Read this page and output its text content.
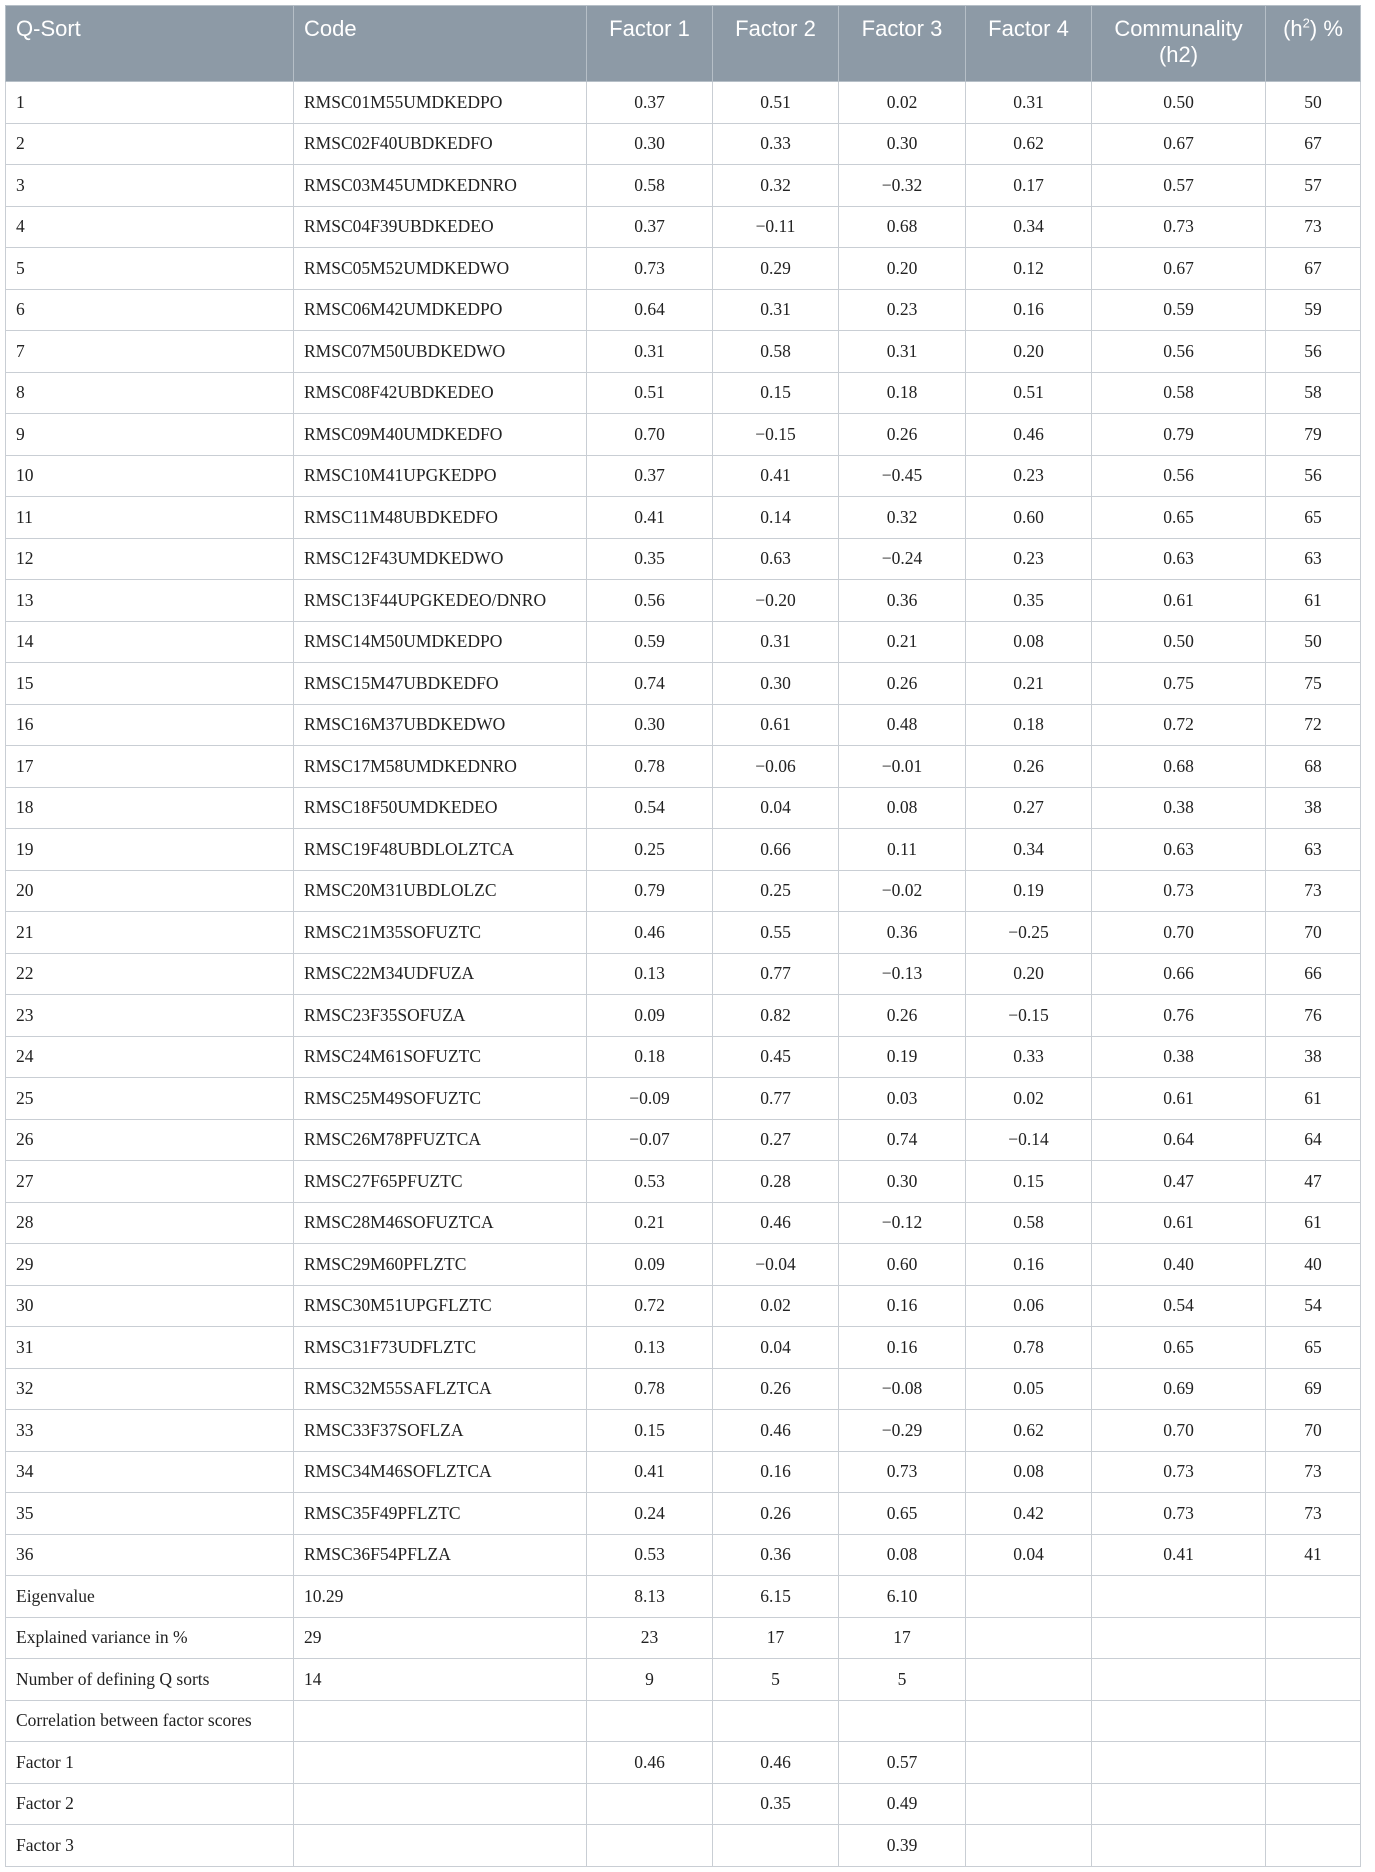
Q-Sort	Code	Factor 1	Factor 2	Factor 3	Factor 4	Communality (h2)	$(h^2)$ %
1	RMSC01M55UMDKEDPO	0.37	0.51	0.02	0.31	0.50	50
2	RMSC02F40UBDKEDFO	0.30	0.33	0.30	0.62	0.67	67
3	RMSC03M45UMDKEDNRO	0.58	0.32	−0.32	0.17	0.57	57
4	RMSC04F39UBDKEDEO	0.37	−0.11	0.68	0.34	0.73	73
5	RMSC05M52UMDKEDWO	0.73	0.29	0.20	0.12	0.67	67
6	RMSC06M42UMDKEDPO	0.64	0.31	0.23	0.16	0.59	59
7	RMSC07M50UBDKEDWO	0.31	0.58	0.31	0.20	0.56	56
8	RMSC08F42UBDKEDEO	0.51	0.15	0.18	0.51	0.58	58
9	RMSC09M40UMDKEDFO	0.70	−0.15	0.26	0.46	0.79	79
10	RMSC10M41UPGKEDPO	0.37	0.41	−0.45	0.23	0.56	56
11	RMSC11M48UBDKEDFO	0.41	0.14	0.32	0.60	0.65	65
12	RMSC12F43UMDKEDWO	0.35	0.63	−0.24	0.23	0.63	63
13	RMSC13F44UPGKEDEO/DNRO	0.56	−0.20	0.36	0.35	0.61	61
14	RMSC14M50UMDKEDPO	0.59	0.31	0.21	0.08	0.50	50
15	RMSC15M47UBDKEDFO	0.74	0.30	0.26	0.21	0.75	75
16	RMSC16M37UBDKEDWO	0.30	0.61	0.48	0.18	0.72	72
17	RMSC17M58UMDKEDNRO	0.78	−0.06	−0.01	0.26	0.68	68
18	RMSC18F50UMDKEDEO	0.54	0.04	0.08	0.27	0.38	38
19	RMSC19F48UBDLOLZTCA	0.25	0.66	0.11	0.34	0.63	63
20	RMSC20M31UBDLOLZC	0.79	0.25	−0.02	0.19	0.73	73
21	RMSC21M35SOFUZTC	0.46	0.55	0.36	−0.25	0.70	70
22	RMSC22M34UDFUZA	0.13	0.77	−0.13	0.20	0.66	66
23	RMSC23F35SOFUZA	0.09	0.82	0.26	−0.15	0.76	76
24	RMSC24M61SOFUZTC	0.18	0.45	0.19	0.33	0.38	38
25	RMSC25M49SOFUZTC	−0.09	0.77	0.03	0.02	0.61	61
26	RMSC26M78PFUZTCA	−0.07	0.27	0.74	−0.14	0.64	64
27	RMSC27F65PFUZTC	0.53	0.28	0.30	0.15	0.47	47
28	RMSC28M46SOFUZTCA	0.21	0.46	−0.12	0.58	0.61	61
29	RMSC29M60PFLZTC	0.09	−0.04	0.60	0.16	0.40	40
30	RMSC30M51UPGFLZTC	0.72	0.02	0.16	0.06	0.54	54
31	RMSC31F73UDFLZTC	0.13	0.04	0.16	0.78	0.65	65
32	RMSC32M55SAFLZTCA	0.78	0.26	−0.08	0.05	0.69	69
33	RMSC33F37SOFLZA	0.15	0.46	−0.29	0.62	0.70	70
34	RMSC34M46SOFLZTCA	0.41	0.16	0.73	0.08	0.73	73
35	RMSC35F49PFLZTC	0.24	0.26	0.65	0.42	0.73	73
36	RMSC36F54PFLZA	0.53	0.36	0.08	0.04	0.41	41
Eigenvalue	10.29	8.13	6.15	6.10			
Explained variance in %	29	23	17	17			
Number of defining Q sorts	14	9	5	5			
Correlation between factor scores							
Factor 1		0.46	0.46	0.57			
Factor 2			0.35	0.49			
Factor 3				0.39			
